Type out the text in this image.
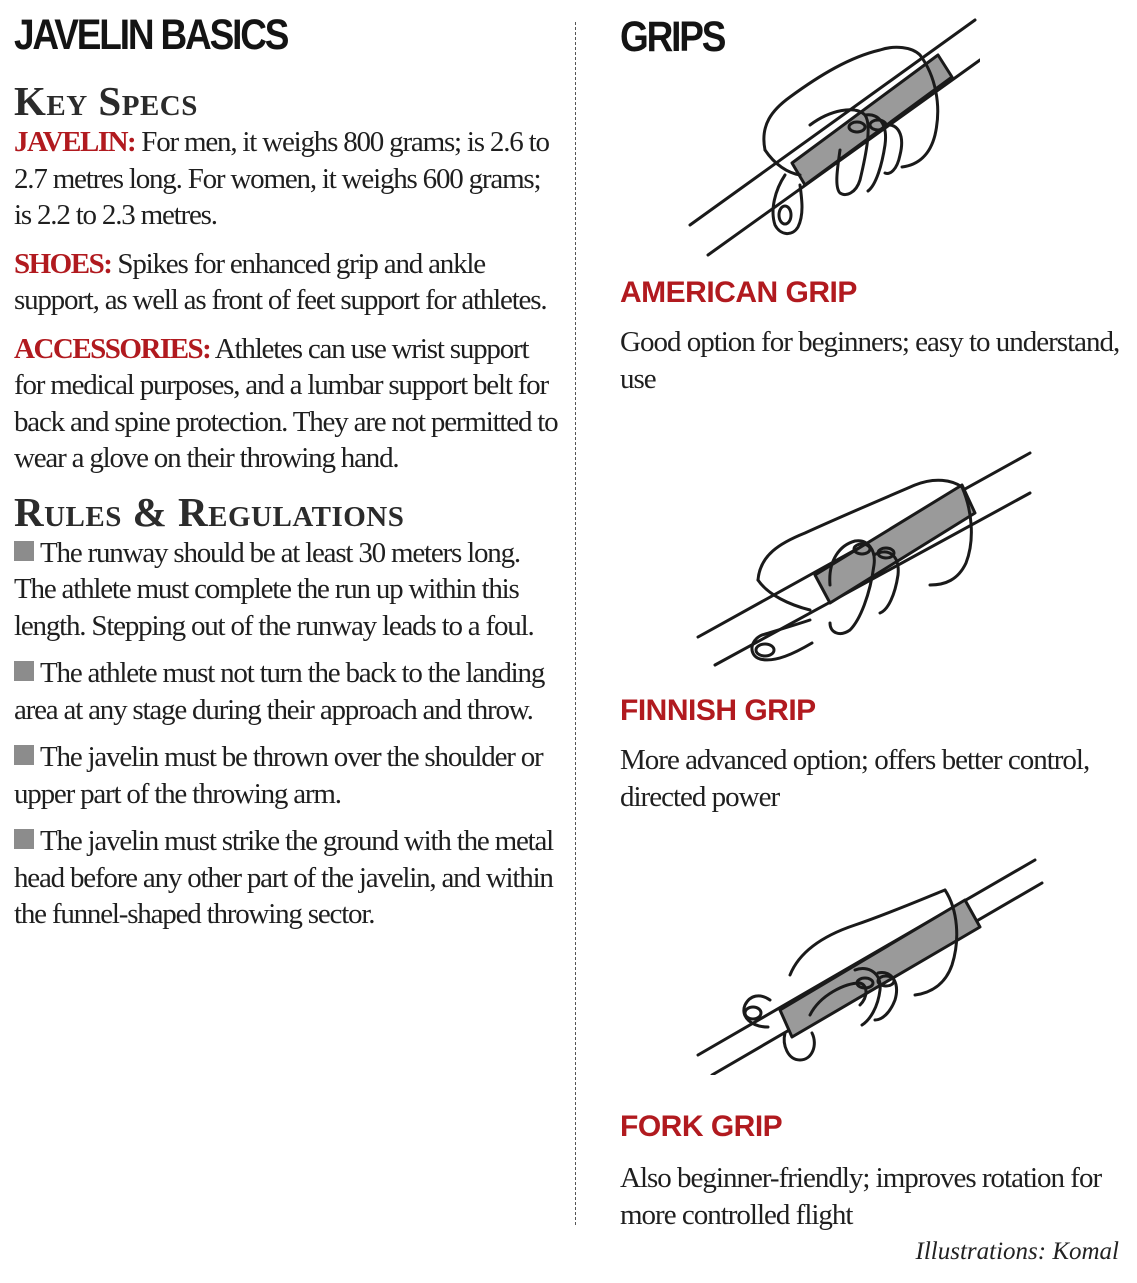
JAVELIN BASICS	GRIPS
Key Specs

JAVELIN: For men, it weighs 800 grams; is 2.6 to 2.7 metres long. For women, it weighs 600 grams; is 2.2 to 2.3 metres.

SHOES: Spikes for enhanced grip and ankle support, as well as front of feet support for athletes.

ACCESSORIES: Athletes can use wrist support for medical purposes, and a lumbar support belt for back and spine protection. They are not permitted to wear a glove on their throwing hand.

Rules & Regulations

The runway should be at least 30 meters long. The athlete must complete the run up within this length. Stepping out of the runway leads to a foul.

The athlete must not turn the back to the landing area at any stage during their approach and throw.

The javelin must be thrown over the shoulder or upper part of the throwing arm.

The javelin must strike the ground with the metal head before any other part of the javelin, and within the funnel-shaped throwing sector.

AMERICAN GRIP

Good option for beginners; easy to understand, use

FINNISH GRIP

More advanced option; offers better control, directed power

FORK GRIP

Also beginner-friendly; improves rotation for more controlled flight

Illustrations: Komal
